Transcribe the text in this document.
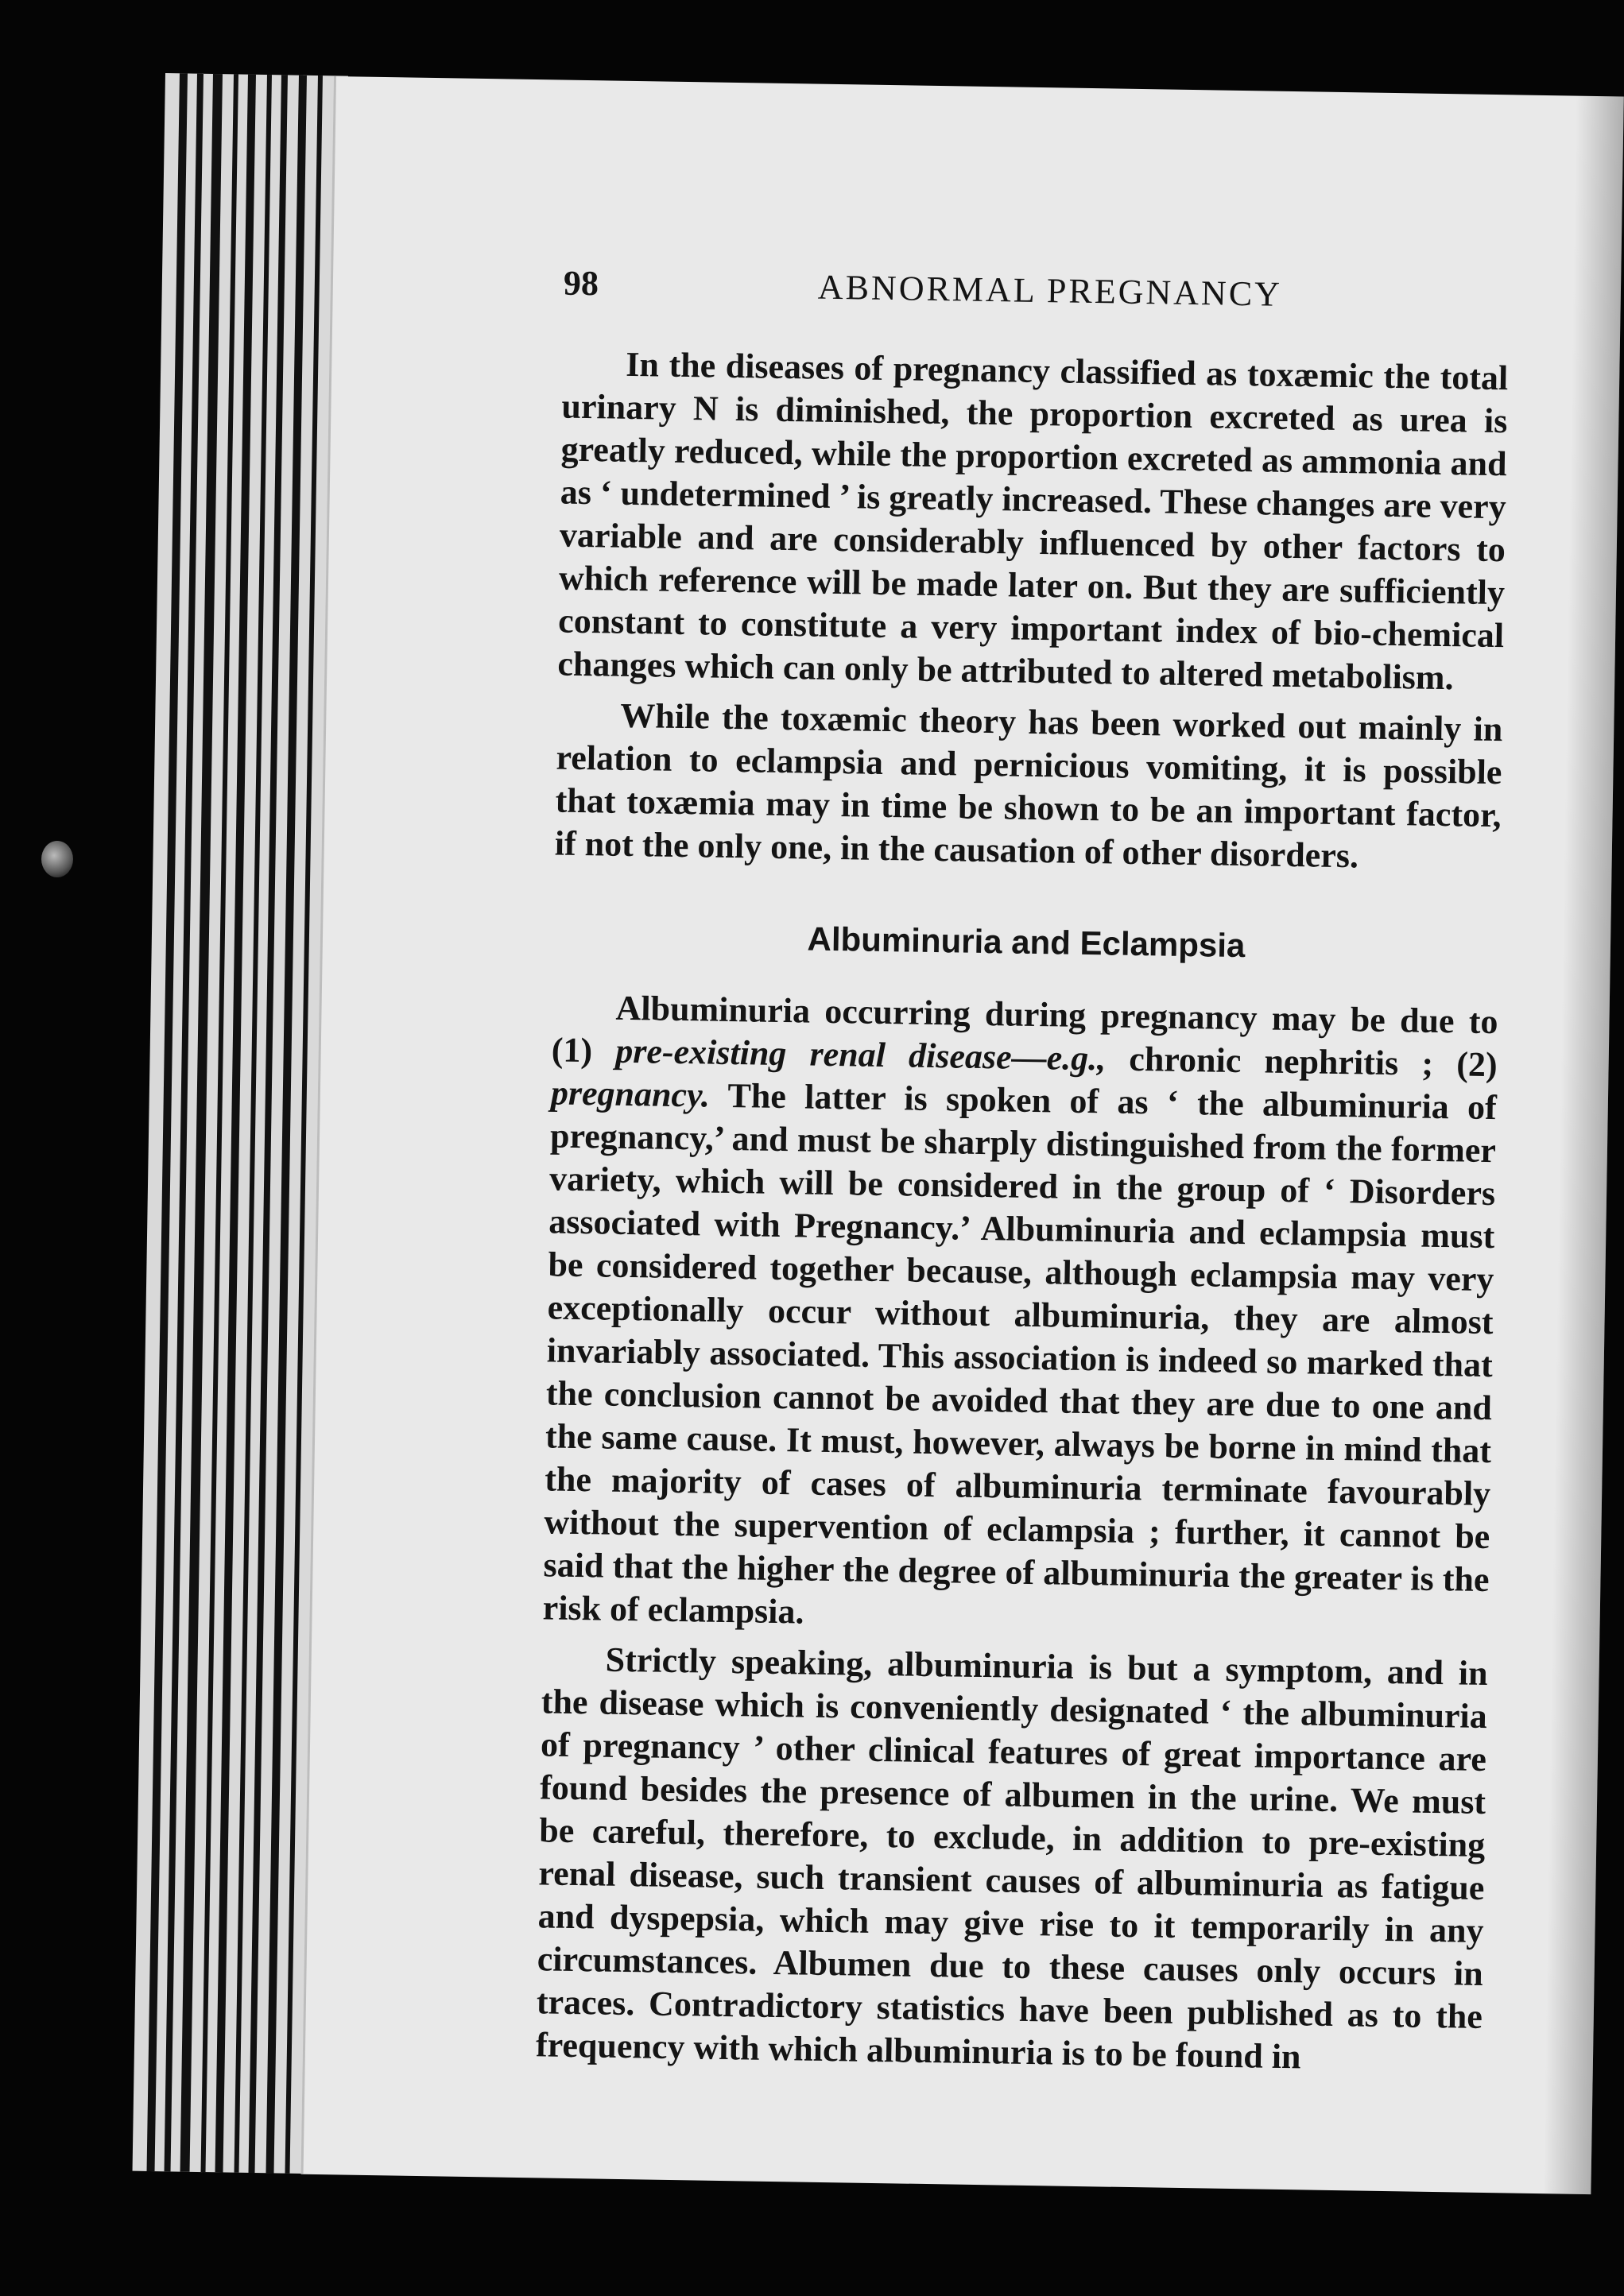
98	ABNORMAL PREGNANCY

In the diseases of pregnancy classified as toxæmic the total urinary N is diminished, the proportion excreted as urea is greatly reduced, while the proportion excreted as ammonia and as ‘ undetermined ’ is greatly increased. These changes are very variable and are considerably influenced by other factors to which reference will be made later on. But they are sufficiently constant to constitute a very important index of bio-chemical changes which can only be attributed to altered metabolism.

While the toxæmic theory has been worked out mainly in relation to eclampsia and pernicious vomiting, it is possible that toxæmia may in time be shown to be an important factor, if not the only one, in the causation of other disorders.

Albuminuria and Eclampsia

Albuminuria occurring during pregnancy may be due to (1) pre-existing renal disease—e.g., chronic nephritis ; (2) pregnancy. The latter is spoken of as ‘ the albuminuria of pregnancy,’ and must be sharply distinguished from the former variety, which will be considered in the group of ‘ Disorders associated with Pregnancy.’ Albuminuria and eclampsia must be considered together because, although eclampsia may very exceptionally occur without albuminuria, they are almost invariably associated. This association is indeed so marked that the conclusion cannot be avoided that they are due to one and the same cause. It must, however, always be borne in mind that the majority of cases of albuminuria terminate favourably without the supervention of eclampsia ; further, it cannot be said that the higher the degree of albuminuria the greater is the risk of eclampsia.

Strictly speaking, albuminuria is but a symptom, and in the disease which is conveniently designated ‘ the albuminuria of pregnancy ’ other clinical features of great importance are found besides the presence of albumen in the urine. We must be careful, therefore, to exclude, in addition to pre-existing renal disease, such transient causes of albuminuria as fatigue and dyspepsia, which may give rise to it temporarily in any circumstances. Albumen due to these causes only occurs in traces. Contradictory statistics have been published as to the frequency with which albuminuria is to be found in
